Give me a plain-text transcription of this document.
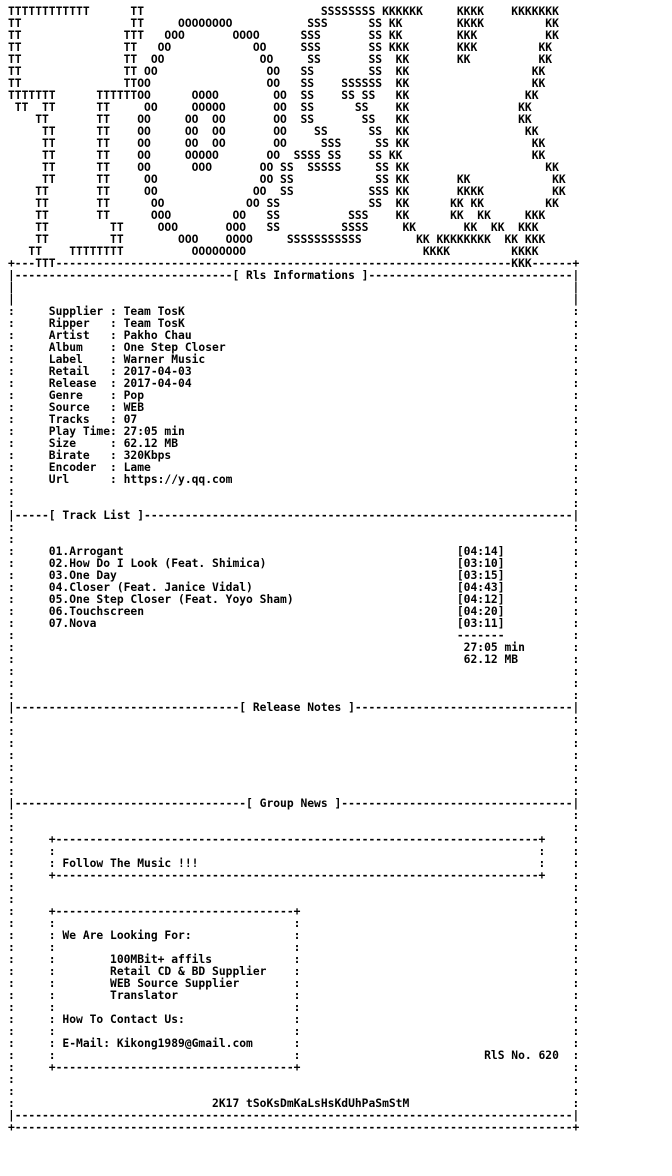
TTTTTTTTTTTT      TT                          SSSSSSSS KKKKKK     KKKK    KKKKKKK
TT                TT     OOOOOOOO           SSS      SS KK        KKKK         KK
TT               TTT   OOO       OOOO      SSS       SS KK        KKK          KK
TT               TT   OO            OO     SSS       SS KKK       KKK         KK
TT               TT  OO              OO     SS       SS  KK       KK          KK
TT               TT OO                OO   SS        SS  KK                  KK
TT               TTOO                 OO   SS    SSSSSS  KK                  KK
TTTTTTT      TTTTTTOO      OOOO        OO  SS    SS SS   KK                 KK
TT  TT      TT     OO     OOOOO       OO  SS      SS    KK                KK
TT       TT    OO     OO  OO       OO  SS       SS   KK                KK
TT      TT    OO     OO  OO       OO    SS      SS  KK                 KK
TT      TT    OO     OO  OO       OO     SSS     SS KK                  KK
TT      TT    OO     OOOOO       OO  SSSS SS    SS KK                   KK
TT      TT    OO      OOO       OO SS  SSSSS     SS KK                    KK
TT      TT     OO               OO SS            SS KK       KK            KK
TT       TT     OO              OO  SS           SSS KK       KKKK          KK
TT       TT      OO            OO SS             SS  KK      KK KK         KK
TT       TT      OOO         OO   SS          SSS    KK      KK  KK     KKK
TT         TT     OOO       OOO   SS         SSSS     KK       KK  KK  KKK
TT         TT        OOO    OOOO     SSSSSSSSSSS        KK KKKKKKKK  KK KKK
TT    TTTTTTTT          OOOOOOOO                          KKKK         KKKK
+---TTT-------------------------------------------------------------------KKK------+
|--------------------------------[ Rls Informations ]------------------------------|
|                                                                                  |
|                                                                                  |
:     Supplier : Team TosK                                                         :
:     Ripper   : Team TosK                                                         :
:     Artist   : Pakho Chau                                                        :
:     Album    : One Step Closer                                                   :
:     Label    : Warner Music                                                      :
:     Retail   : 2017-04-03                                                        :
:     Release  : 2017-04-04                                                        :
:     Genre    : Pop                                                               :
:     Source   : WEB                                                               :
:     Tracks   : 07                                                                :
:     Play Time: 27:05 min                                                         :
:     Size     : 62.12 MB                                                          :
:     Birate   : 320Kbps                                                           :
:     Encoder  : Lame                                                              :
:     Url      : https://y.qq.com                                                  :
:                                                                                  :
:                                                                                  :
|-----[ Track List ]---------------------------------------------------------------|
:                                                                                  :
:                                                                                  :
:     01.Arrogant                                                 [04:14]          :
:     02.How Do I Look (Feat. Shimica)                            [03:10]          :
:     03.One Day                                                  [03:15]          :
:     04.Closer (Feat. Janice Vidal)                              [04:43]          :
:     05.One Step Closer (Feat. Yoyo Sham)                        [04:12]          :
:     06.Touchscreen                                              [04:20]          :
:     07.Nova                                                     [03:11]          :
:                                                                 -------          :
:                                                                  27:05 min       :
:                                                                  62.12 MB        :
:                                                                                  :
:                                                                                  :
:                                                                                  :
|---------------------------------[ Release Notes ]--------------------------------|
:                                                                                  :
:                                                                                  :
:                                                                                  :
:                                                                                  :
:                                                                                  :
:                                                                                  :
:                                                                                  :
|----------------------------------[ Group News ]----------------------------------|
:                                                                                  :
:                                                                                  :
:     +-----------------------------------------------------------------------+    :
:     :                                                                       :    :
:     : Follow The Music !!!                                                  :    :
:     +-----------------------------------------------------------------------+    :
:                                                                                  :
:                                                                                  :
:     +-----------------------------------+                                        :
:     :                                   :                                        :
:     : We Are Looking For:               :                                        :
:     :                                   :                                        :
:     :        100MBit+ affils            :                                        :
:     :        Retail CD & BD Supplier    :                                        :
:     :        WEB Source Supplier        :                                        :
:     :        Translator                 :                                        :
:     :                                   :                                        :
:     : How To Contact Us:                :                                        :
:     :                                   :                                        :
:     : E-Mail: Kikong1989@Gmail.com      :                                        :
:     :                                   :                           RlS No. 620  :
:     +-----------------------------------+                                        :
:                                                                                  :
:                                                                                  :
:                             2K17 tSoKsDmKaLsHsKdUhPaSmStM                        :
|----------------------------------------------------------------------------------|
+----------------------------------------------------------------------------------+
